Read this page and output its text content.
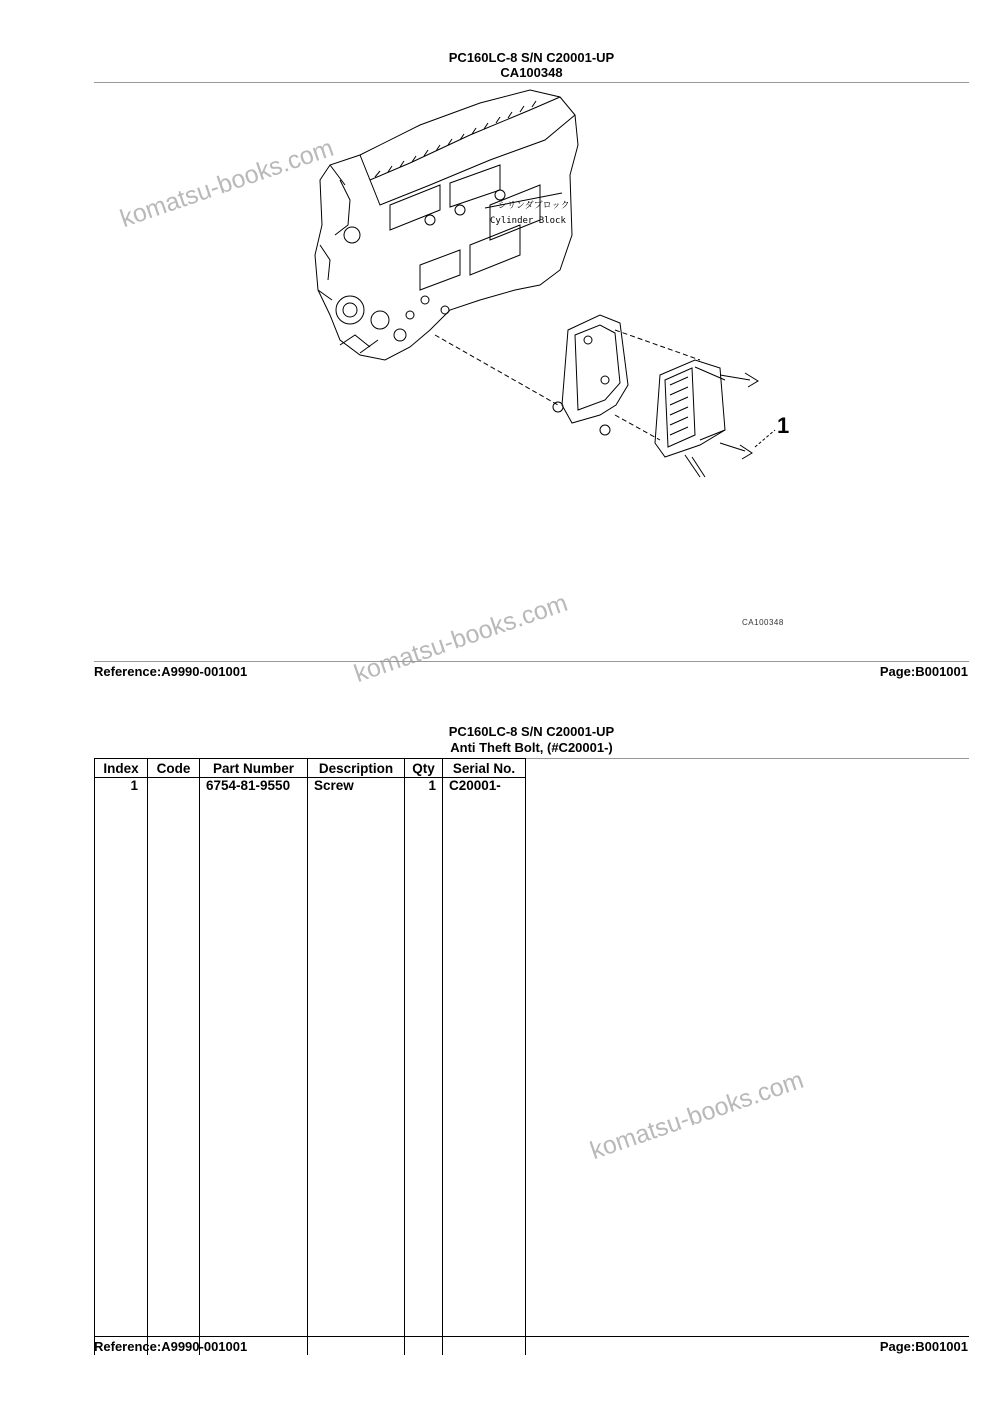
PC160LC-8 S/N C20001-UP
CA100348
komatsu-books.com	シリンダブロック
Cylinder Block
1
CA100348
komatsu-books.com
Reference:A9990-001001	Page:B001001
PC160LC-8 S/N C20001-UP
Anti Theft Bolt, (#C20001-)
Index	Code	Part Number	Description	Qty	Serial No.
1		6754-81-9550	Screw	1	C20001-

komatsu-books.com
Reference:A9990-001001	Page:B001001
